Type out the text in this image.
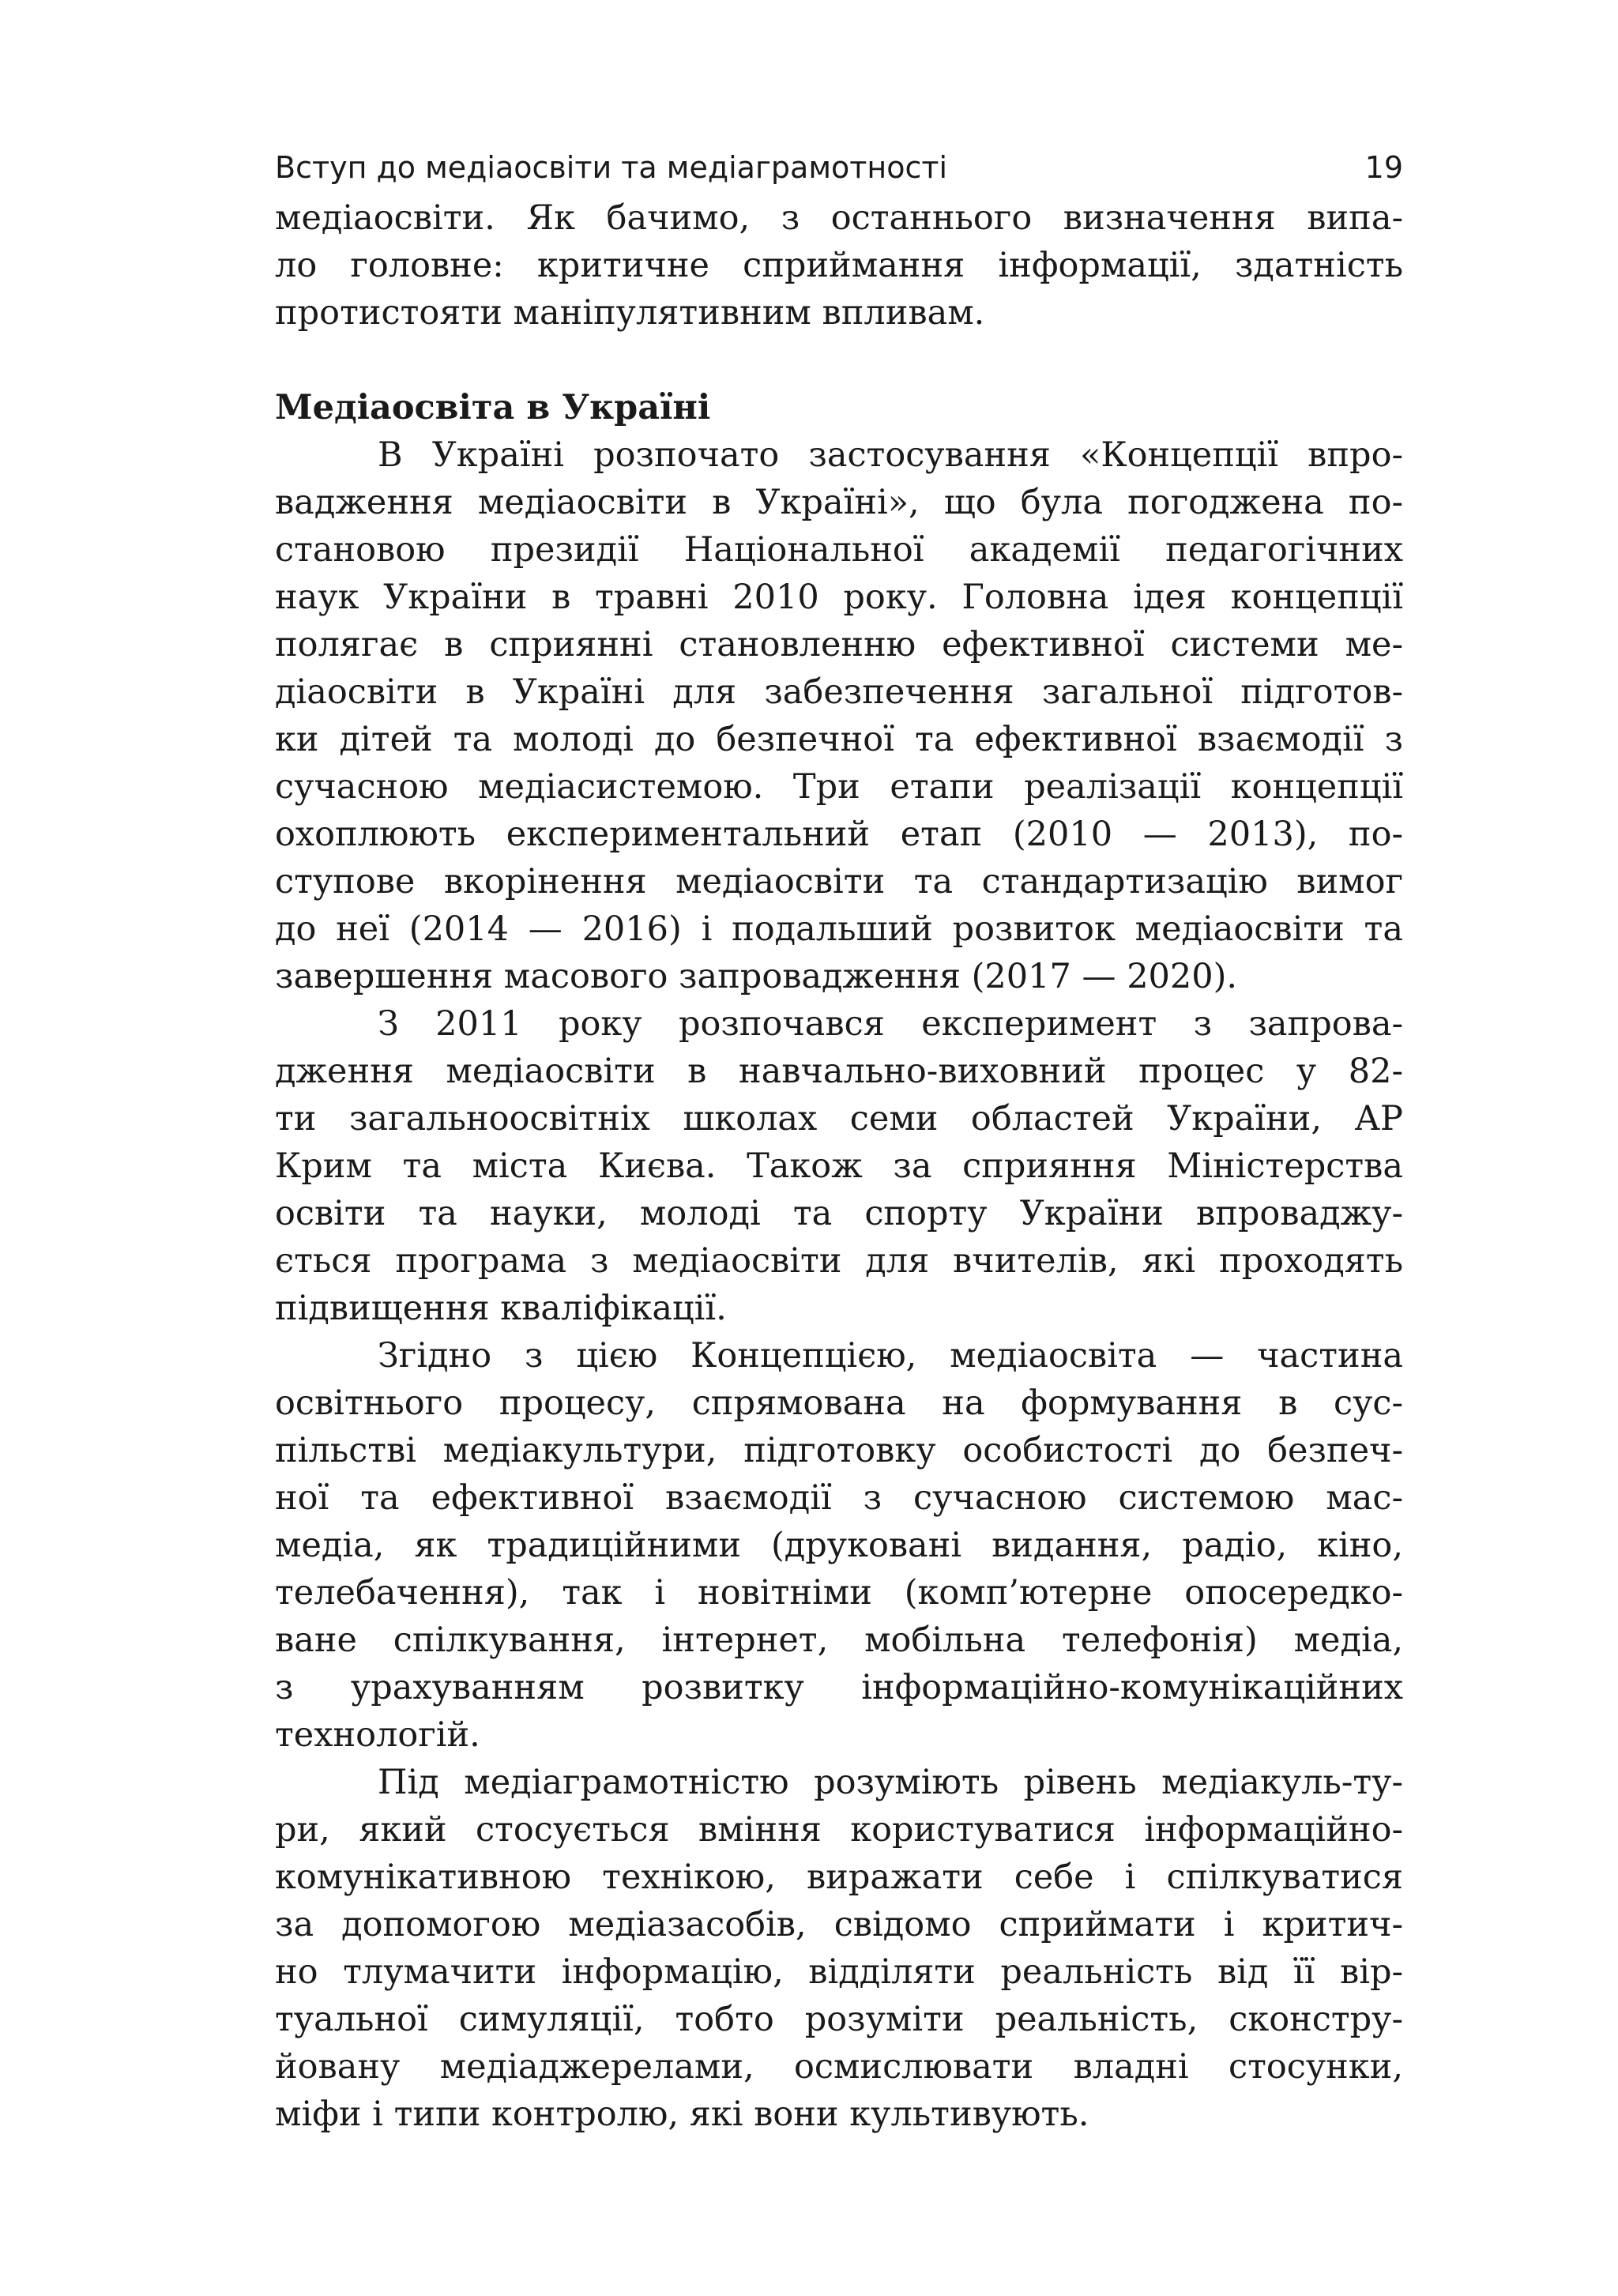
Вступ до медіаосвіти та медіаграмотності	19

медіаосвіти. Як бачимо, з останнього визначення випа-
ло головне: критичне сприймання інформації, здатність
протистояти маніпулятивним впливам.

Медіаосвіта в Україні

В Україні розпочато застосування «Концепції впро-
вадження медіаосвіти в Україні», що була погоджена по-
становою президії Національної академії педагогічних
наук України в травні 2010 року. Головна ідея концепції
полягає в сприянні становленню ефективної системи ме-
діаосвіти в Україні для забезпечення загальної підготов-
ки дітей та молоді до безпечної та ефективної взаємодії з
сучасною медіасистемою. Три етапи реалізації концепції
охоплюють експериментальний етап (2010 — 2013), по-
ступове вкорінення медіаосвіти та стандартизацію вимог
до неї (2014 — 2016) і подальший розвиток медіаосвіти та
завершення масового запровадження (2017 — 2020).

З 2011 року розпочався експеримент з запрова-
дження медіаосвіти в навчально-виховний процес у 82-
ти загальноосвітніх школах семи областей України, АР
Крим та міста Києва. Також за сприяння Міністерства
освіти та науки, молоді та спорту України впроваджу-
ється програма з медіаосвіти для вчителів, які проходять
підвищення кваліфікації.

Згідно з цією Концепцією, медіаосвіта — частина
освітнього процесу, спрямована на формування в сус-
пільстві медіакультури, підготовку особистості до безпеч-
ної та ефективної взаємодії з сучасною системою мас-
медіа, як традиційними (друковані видання, радіо, кіно,
телебачення), так і новітніми (комп’ютерне опосередко-
ване спілкування, інтернет, мобільна телефонія) медіа,
з урахуванням розвитку інформаційно-комунікаційних
технологій.

Під медіаграмотністю розуміють рівень медіакуль-ту-
ри, який стосується вміння користуватися інформаційно-
комунікативною технікою, виражати себе і спілкуватися
за допомогою медіазасобів, свідомо сприймати і критич-
но тлумачити інформацію, відділяти реальність від її вір-
туальної симуляції, тобто розуміти реальність, сконстру-
йовану медіаджерелами, осмислювати владні стосунки,
міфи і типи контролю, які вони культивують.
